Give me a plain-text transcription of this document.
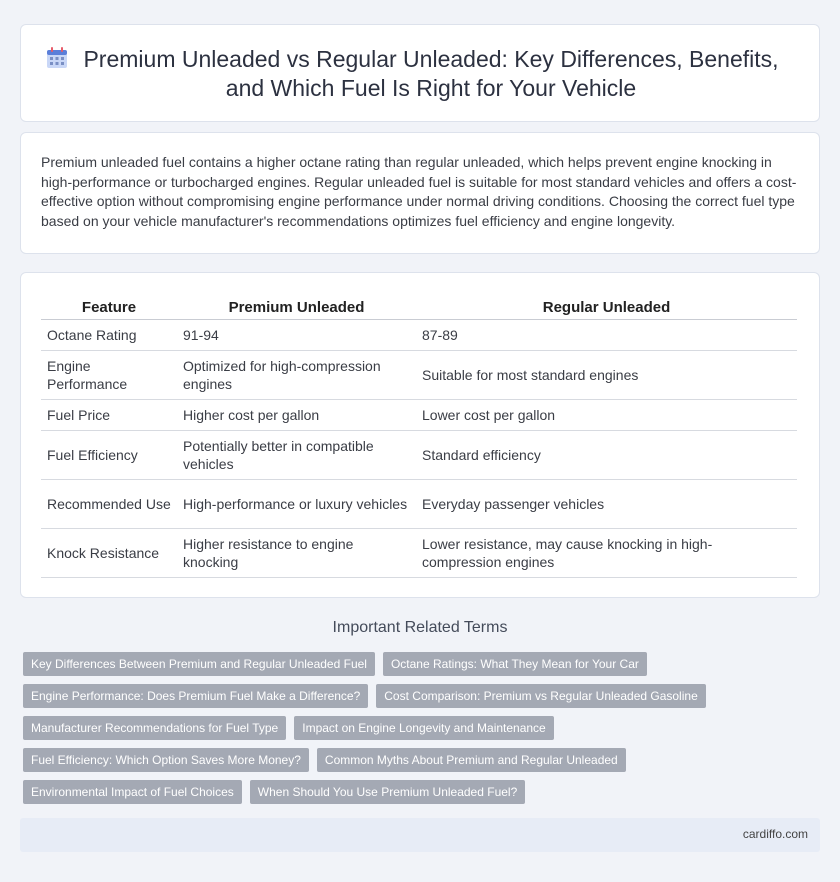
Premium Unleaded vs Regular Unleaded: Key Differences, Benefits, and Which Fuel Is Right for Your Vehicle

Premium unleaded fuel contains a higher octane rating than regular unleaded, which helps prevent engine knocking in high-performance or turbocharged engines. Regular unleaded fuel is suitable for most standard vehicles and offers a cost-effective option without compromising engine performance under normal driving conditions. Choosing the correct fuel type based on your vehicle manufacturer's recommendations optimizes fuel efficiency and engine longevity.

Feature	Premium Unleaded	Regular Unleaded
Octane Rating	91-94	87-89
Engine Performance	Optimized for high-compression engines	Suitable for most standard engines
Fuel Price	Higher cost per gallon	Lower cost per gallon
Fuel Efficiency	Potentially better in compatible vehicles	Standard efficiency
Recommended Use	High-performance or luxury vehicles	Everyday passenger vehicles
Knock Resistance	Higher resistance to engine knocking	Lower resistance, may cause knocking in high-compression engines
Important Related Terms
Key Differences Between Premium and Regular Unleaded Fuel	Octane Ratings: What They Mean for Your Car
Engine Performance: Does Premium Fuel Make a Difference?	Cost Comparison: Premium vs Regular Unleaded Gasoline
Manufacturer Recommendations for Fuel Type	Impact on Engine Longevity and Maintenance
Fuel Efficiency: Which Option Saves More Money?	Common Myths About Premium and Regular Unleaded
Environmental Impact of Fuel Choices	When Should You Use Premium Unleaded Fuel?
cardiffo.com
